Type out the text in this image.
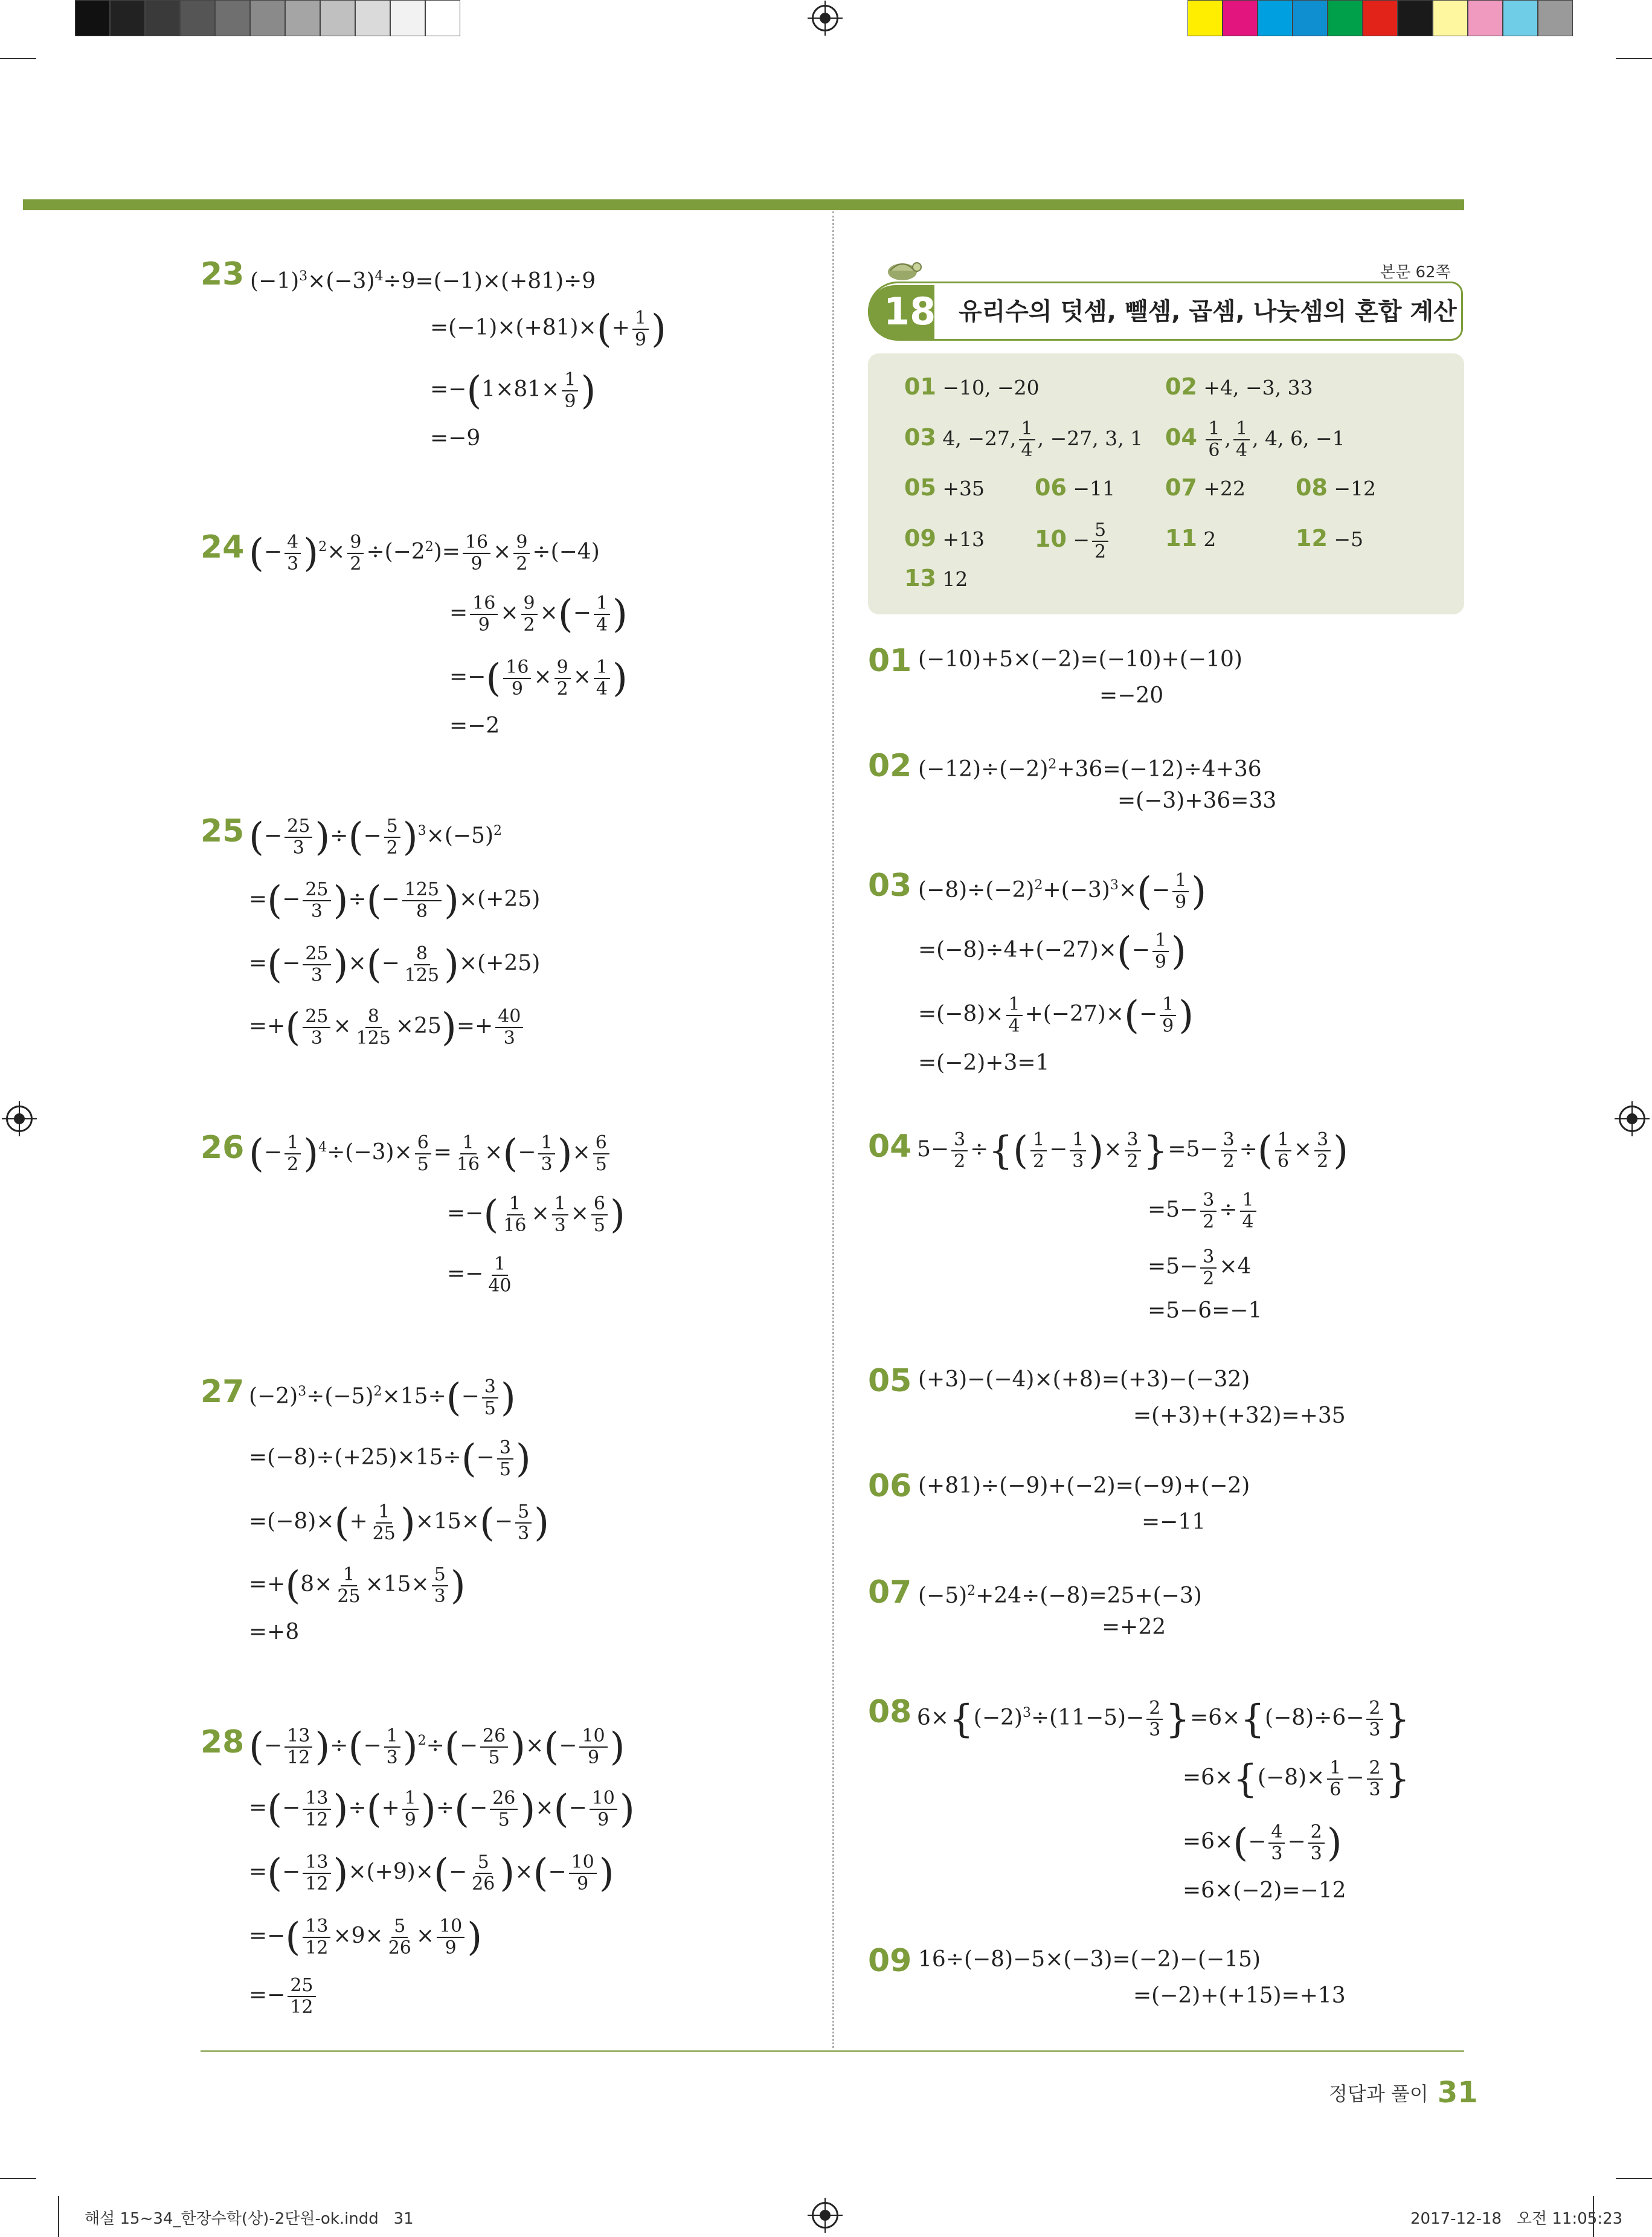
23 $(-1)^3\times(-3)^4\div 9=(-1)\times(+81)\div 9$
$=(-1)\times(+81)\times(+ \frac{1}{9}$ )
$=-(1\times 81\times \frac{1}{9}$ )
=−9
24 (− $\frac{4}{3} )^2\times \frac{9}{2} \div(-2^2)= \frac{16}{9} \times \frac{9}{2} \div(-4)$
= $\frac{16}{9} \times \frac{9}{2}$ ×(− $\frac{1}{4}$ )
=−( $\frac{16}{9} \times \frac{9}{2} \times \frac{1}{4}$ )
=−2
25 (− $\frac{25}{3}$ )÷(− $\frac{5}{2} )^3\times(-5)^2$
=(− $\frac{25}{3}$ )÷(− $\frac{125}{8} )\times(+25)$
=(− $\frac{25}{3}$ )×(− $\frac{8}{125} )\times(+25)$
=+( $\frac{25}{3} \times \frac{8}{125} \times 25)=+ \frac{40}{3}$
26 (− $\frac{1}{2} )^4\div(-3)\times \frac{6}{5} = \frac{1}{16}$ ×(− $\frac{1}{3}$ )× $\frac{6}{5}$
=−( $\frac{1}{16} \times \frac{1}{3} \times \frac{6}{5}$ )
=− $\frac{1}{40}$
27 $(-2)^3\div(-5)^2\times 15\div(- \frac{3}{5}$ )
$=(-8)\div(+25)\times 15\div(- \frac{3}{5}$ )
$=(-8)\times(+ \frac{1}{25} )\times 15\times(- \frac{5}{3}$ )
$=+(8\times \frac{1}{25} \times 15\times \frac{5}{3}$ )
=+8
28 (− $\frac{13}{12}$ )÷(− $\frac{1}{3} )^2\div(- \frac{26}{5}$ )×(− $\frac{10}{9}$ )
=(− $\frac{13}{12}$ )÷(+ $\frac{1}{9}$ )÷(− $\frac{26}{5}$ )×(− $\frac{10}{9}$ )
=(− $\frac{13}{12} )\times(+9)\times(- \frac{5}{26}$ )×(− $\frac{10}{9}$ )
=−( $\frac{13}{12} \times 9\times \frac{5}{26} \times \frac{10}{9}$ )
=− $\frac{25}{12}$
본문 62쪽
18 유리수의 덧셈, 뺄셈, 곱셈, 나눗셈의 혼합 계산
01 −10, −20	02 +4, −3, 33
03 4, −27, $\frac{1}{4}$ , −27, 3, 1 $04 \frac{1}{6}$ , $\frac{1}{4}$ , 4, 6, −1
05 +35 06 −11 07 +22 08 −12
09 +13 $10 - \frac{5}{2} 11$ 2	12 −5
13 12
01 (−10)+5×(−2)=(−10)+(−10)
=−20
02 $(-12)\div(-2)^2+36=(-12)\div 4+36$
=(−3)+36=33
03 $(-8)\div(-2)^2+(-3)^3\times(- \frac{1}{9}$ )
$=(-8)\div 4+(-27)\times(- \frac{1}{9}$ )
$=(-8)\times \frac{1}{4} +(-27)\times(- \frac{1}{9}$ )
=(−2)+3=1
04 $5- \frac{3}{2}$ ÷{( $\frac{1}{2} - \frac{1}{3}$ )× $\frac{3}{2} \}=5- \frac{3}{2}$ ÷( $\frac{1}{6} \times \frac{3}{2}$ )
$=5- \frac{3}{2} \div \frac{1}{4}$
$=5- \frac{3}{2} \times 4$
=5−6=−1
05 (+3)−(−4)×(+8)=(+3)−(−32)
=(+3)+(+32)=+35
06 (+81)÷(−9)+(−2)=(−9)+(−2)
=−11
07 $(-5)^2+24\div(-8)=25+(-3)$
=+22
08 $6\times\{(-2)^3\div(11-5)- \frac{2}{3} \}=6\times\{(-8)\div 6- \frac{2}{3}$ }
$=6\times\{(-8)\times \frac{1}{6} - \frac{2}{3}$ }
$=6\times(- \frac{4}{3} - \frac{2}{3}$ )
=6×(−2)=−12
09 16÷(−8)−5×(−3)=(−2)−(−15)
=(−2)+(+15)=+13
정답과 풀이 31
해설 15~34_한장수학(상)-2단원-ok.indd   31	2017-12-18   오전 11:05:23
